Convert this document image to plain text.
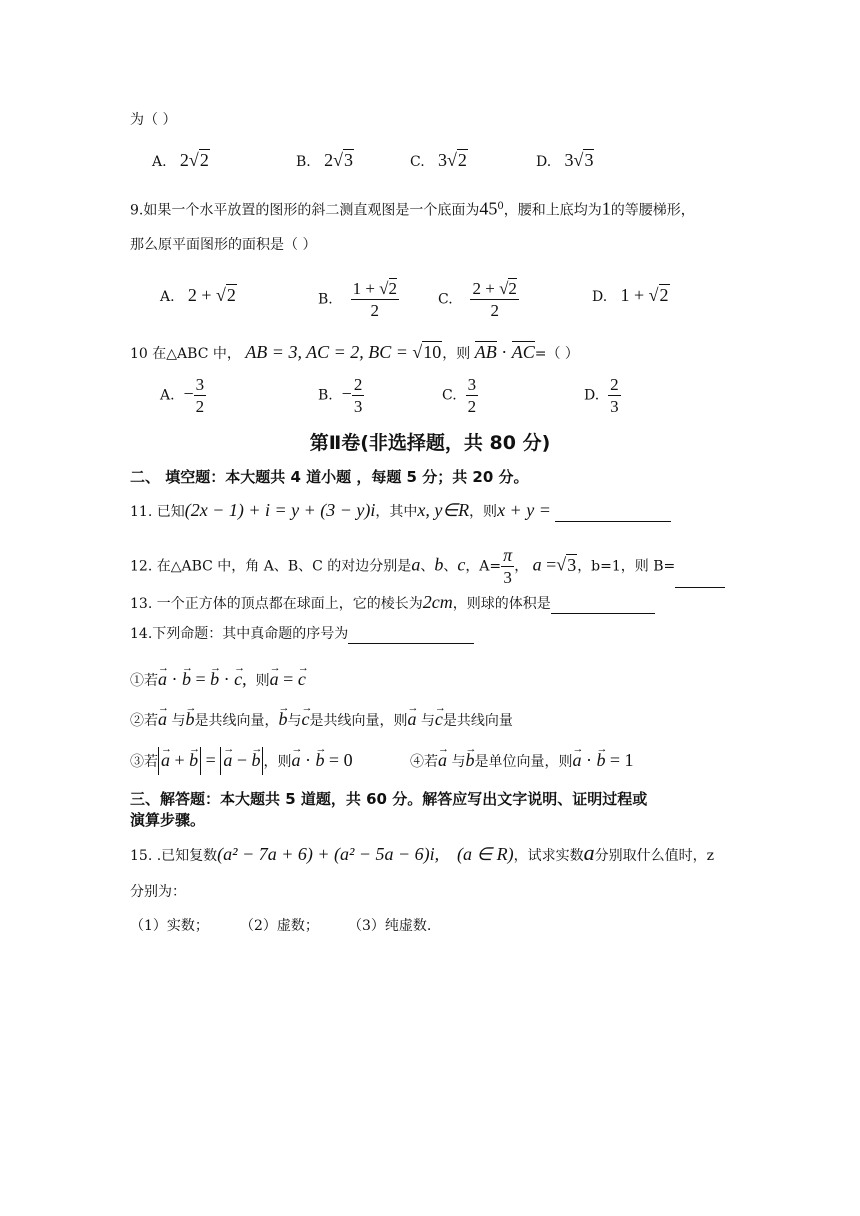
为（ ）
A. 2√2	B. 2√3	C. 3√2	D. 3√3
9.如果一个水平放置的图形的斜二测直观图是一个底面为$45^0$，腰和上底均为1的等腰梯形，
那么原平面图形的面积是（ ）
A. 2 + √2	B. $\frac{1 + √2}{2}$	C. $\frac{2 + √2}{2}$	D. 1 + √2
10 在△ABC 中， AB = 3, AC = 2, BC = √10，则 AB · AC=（ ）
A. − $\frac{3}{2}$	B. − $\frac{2}{3}$	C. $\frac{3}{2}$	D. $\frac{2}{3}$
第Ⅱ卷(非选择题，共 80 分)
二、 填空题：本大题共 4 道小题 ，每题 5 分；共 20 分。
11. 已知(2x − 1) + i = y + (3 − y)i，其中x, y∈R，则x + y =
12. 在△ABC 中，角 A、B、C 的对边分别是a、b、c，$A= \frac{\pi}{3}$ ， a =√3，b=1，则 B=
13. 一个正方体的顶点都在球面上，它的棱长为2cm，则球的体积是
14.下列命题：其中真命题的序号为
①若→ a · → b = → b · → c,  则→ a = → c
②若→ a 与→ b是共线向量，→ b与→ c是共线向量，则→ a 与→ c是共线向量
③若→ a + → b = → a − → b ，则→ a · → b = 0	④若→ a 与→ b是单位向量，则→ a · → b = 1
三、解答题：本大题共 5 道题，共 60 分。解答应写出文字说明、证明过程或
演算步骤。
15. .已知复数(a² − 7a + 6) + (a² − 5a − 6)i, (a ∈ R)，试求实数a分别取什么值时，z
分别为：
（1）实数； （2）虚数； （3）纯虚数.
